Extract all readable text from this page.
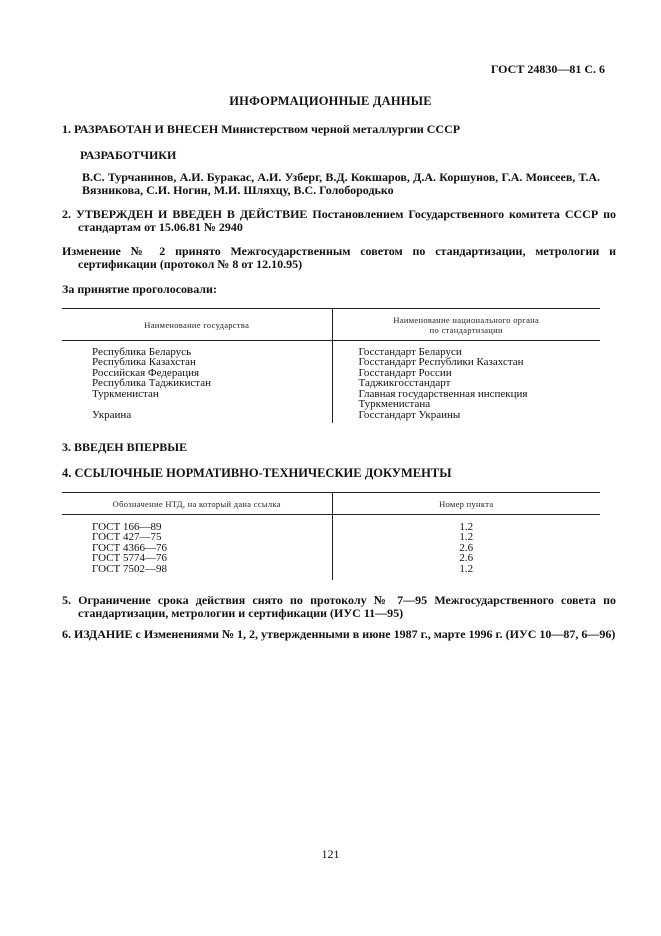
ГОСТ 24830—81 С. 6
ИНФОРМАЦИОННЫЕ ДАННЫЕ
1. РАЗРАБОТАН И ВНЕСЕН Министерством черной металлургии СССР
РАЗРАБОТЧИКИ
В.С. Турчанинов, А.И. Буракас, А.И. Узберг, В.Д. Кокшаров, Д.А. Коршунов, Г.А. Моисеев, Т.А. Вязникова, С.И. Ногин, М.И. Шляхцу, В.С. Голобородько
2. УТВЕРЖДЕН И ВВЕДЕН В ДЕЙСТВИЕ Постановлением Государственного комитета СССР по стандартам от 15.06.81 № 2940
Изменение № 2 принято Межгосударственным советом по стандартизации, метрологии и сертификации (протокол № 8 от 12.10.95)
За принятие проголосовали:
Наименование государства	Наименование национального органа
по стандартизации

Республика Беларусь	Госстандарт Беларуси
Республика Казахстан	Госстандарт Республики Казахстан
Российская Федерация	Госстандарт России
Республика Таджикистан	Таджикгосстандарт
Туркменистан	Главная государственная инспекция
	Туркменистана
Украина	Госстандарт Украины
3. ВВЕДЕН ВПЕРВЫЕ
4. ССЫЛОЧНЫЕ НОРМАТИВНО-ТЕХНИЧЕСКИЕ ДОКУМЕНТЫ
Обозначение НТД, на который дана ссылка	Номер пункта

ГОСТ 166—89	1.2
ГОСТ 427—75	1.2
ГОСТ 4366—76	2.6
ГОСТ 5774—76	2.6
ГОСТ 7502—98	1.2
5. Ограничение срока действия снято по протоколу № 7—95 Межгосударственного совета по стандартизации, метрологии и сертификации (ИУС 11—95)
6. ИЗДАНИЕ с Изменениями № 1, 2, утвержденными в июне 1987 г., марте 1996 г. (ИУС 10—87, 6—96)
121
